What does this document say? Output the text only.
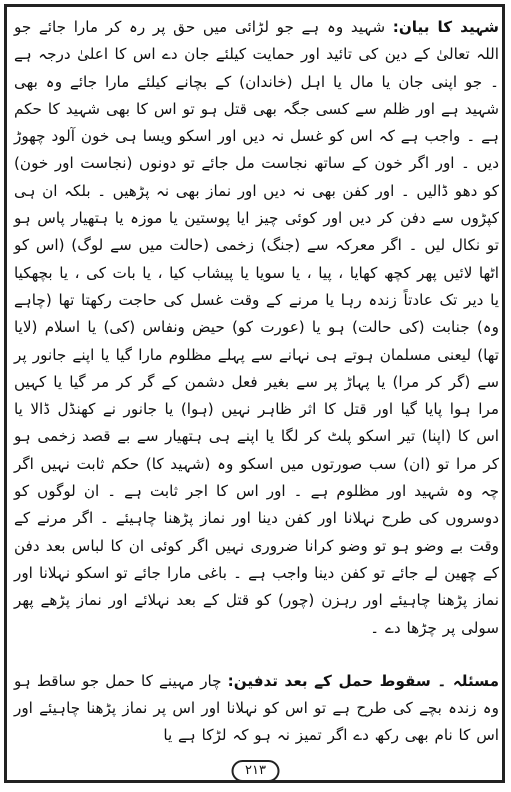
شہید کا بیان: شہید وہ ہے جو لڑائی میں حق پر رہ کر مارا جائے جو اللہ تعالیٰ کے دین کی تائید اور حمایت کیلئے جان دے اس کا اعلیٰ درجہ ہے ۔ جو اپنی جان یا مال یا اہل (خاندان) کے بچانے کیلئے مارا جائے وہ بھی شہید ہے اور ظلم سے کسی جگہ بھی قتل ہو تو اس کا بھی شہید کا حکم ہے ۔ واجب ہے کہ اس کو غسل نہ دیں اور اسکو ویسا ہی خون آلود چھوڑ دیں ۔ اور اگر خون کے ساتھ نجاست مل جائے تو دونوں (نجاست اور خون) کو دھو ڈالیں ۔ اور کفن بھی نہ دیں اور نماز بھی نہ پڑھیں ۔ بلکہ ان ہی کپڑوں سے دفن کر دیں اور کوئی چیز ایا پوستین یا موزہ یا ہتھیار پاس ہو تو نکال لیں ۔ اگر معرکہ سے (جنگ) زخمی (حالت میں سے لوگ) (اس کو اٹھا لائیں پھر کچھ کھایا ، پیا ، یا سویا یا پیشاب کیا ، یا بات کی ، یا بچھکیا یا دیر تک عادتاً زندہ رہا یا مرنے کے وقت غسل کی حاجت رکھتا تھا (چاہے وہ) جنابت (کی حالت) ہو یا (عورت کو) حیض ونفاس (کی) یا اسلام (لایا تھا) لیعنی مسلمان ہوتے ہی نہانے سے پہلے مظلوم مارا گیا یا اپنے جانور پر سے (گر کر مرا) یا پہاڑ پر سے بغیر فعل دشمن کے گر کر مر گیا یا کہیں مرا ہوا پایا گیا اور قتل کا اثر ظاہر نہیں (ہوا) یا جانور نے کھنڈل ڈالا یا اس کا (اپنا) تیر اسکو پلٹ کر لگا یا اپنے ہی ہتھیار سے بے قصد زخمی ہو کر مرا تو (ان) سب صورتوں میں اسکو وہ (شہید کا) حکم ثابت نہیں اگر چہ وہ شہید اور مظلوم ہے ۔ اور اس کا اجر ثابت ہے ۔ ان لوگوں کو دوسروں کی طرح نہلانا اور کفن دینا اور نماز پڑھنا چاہیئے ۔ اگر مرنے کے وقت بے وضو ہو تو وضو کرانا ضروری نہیں اگر کوئی ان کا لباس بعد دفن کے چھین لے جائے تو کفن دینا واجب ہے ۔ باغی مارا جائے تو اسکو نہلانا اور نماز پڑھنا چاہیئے اور رہزن (چور) کو قتل کے بعد نہلائے اور نماز پڑھے پھر سولی پر چڑھا دے ۔

مسئلہ ۔ سقوط حمل کے بعد تدفین: چار مہینے کا حمل جو ساقط ہو وہ زندہ بچے کی طرح ہے تو اس کو نہلانا اور اس پر نماز پڑھنا چاہیئے اور اس کا نام بھی رکھ دے اگر تمیز نہ ہو کہ لڑکا ہے یا

۲۱۳
